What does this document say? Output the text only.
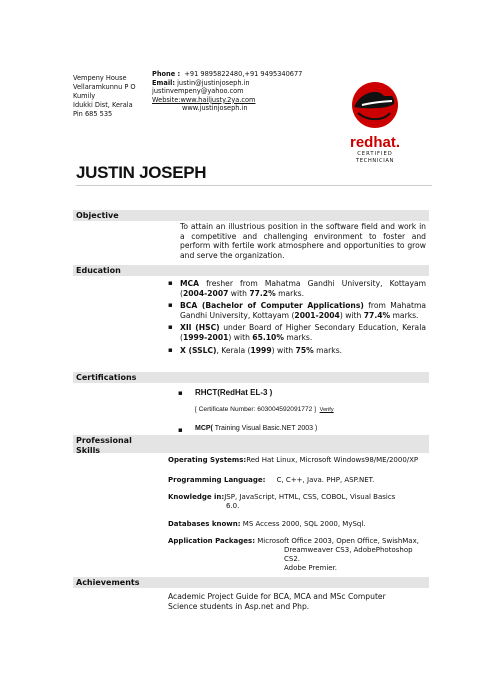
Vempeny House
Vellaramkunnu P O
Kumily
Idukki Dist, Kerala
Pin 685 535
Phone : +91 9895822480,+91 9495340677
Email: justin@justinjoseph.in
justinvempeny@yahoo.com
Website:www.hailjusty.2ya.com
www.justinjoseph.in
redhat.
CERTIFIED
TECHNICIAN
JUSTIN JOSEPH
Objective
To attain an illustrious position in the software field and work in a competitive and challenging environment to foster and perform with fertile work atmosphere and opportunities to grow and serve the organization.
Education
▪ MCA fresher from Mahatma Gandhi University, Kottayam (2004-2007 with 77.2% marks.
▪ BCA (Bachelor of Computer Applications) from Mahatma Gandhi University, Kottayam (2001-2004) with 77.4% marks.
▪ XII (HSC) under Board of Higher Secondary Education, Kerala (1999-2001) with 65.10% marks.
▪ X (SSLC), Kerala (1999) with 75% marks.
Certifications
▪ RHCT(RedHat EL-3 )
[ Certificate Number: 603004592091772 ] Verify
▪ MCP( Training Visual Basic.NET 2003 )
Professional
Skills
Operating Systems:Red Hat Linux, Microsoft Windows98/ME/2000/XP
Programming Language: C, C++, Java. PHP, ASP.NET.
Knowledge in:JSP, JavaScript, HTML, CSS, COBOL, Visual Basics
6.0.
Databases known: MS Access 2000, SQL 2000, MySql.
Application Packages: Microsoft Office 2003, Open Office, SwishMax,
Dreamweaver CS3, AdobePhotoshop CS2.
Adobe Premier.
Achievements
Academic Project Guide for BCA, MCA and MSc Computer Science students in Asp.net and Php.
